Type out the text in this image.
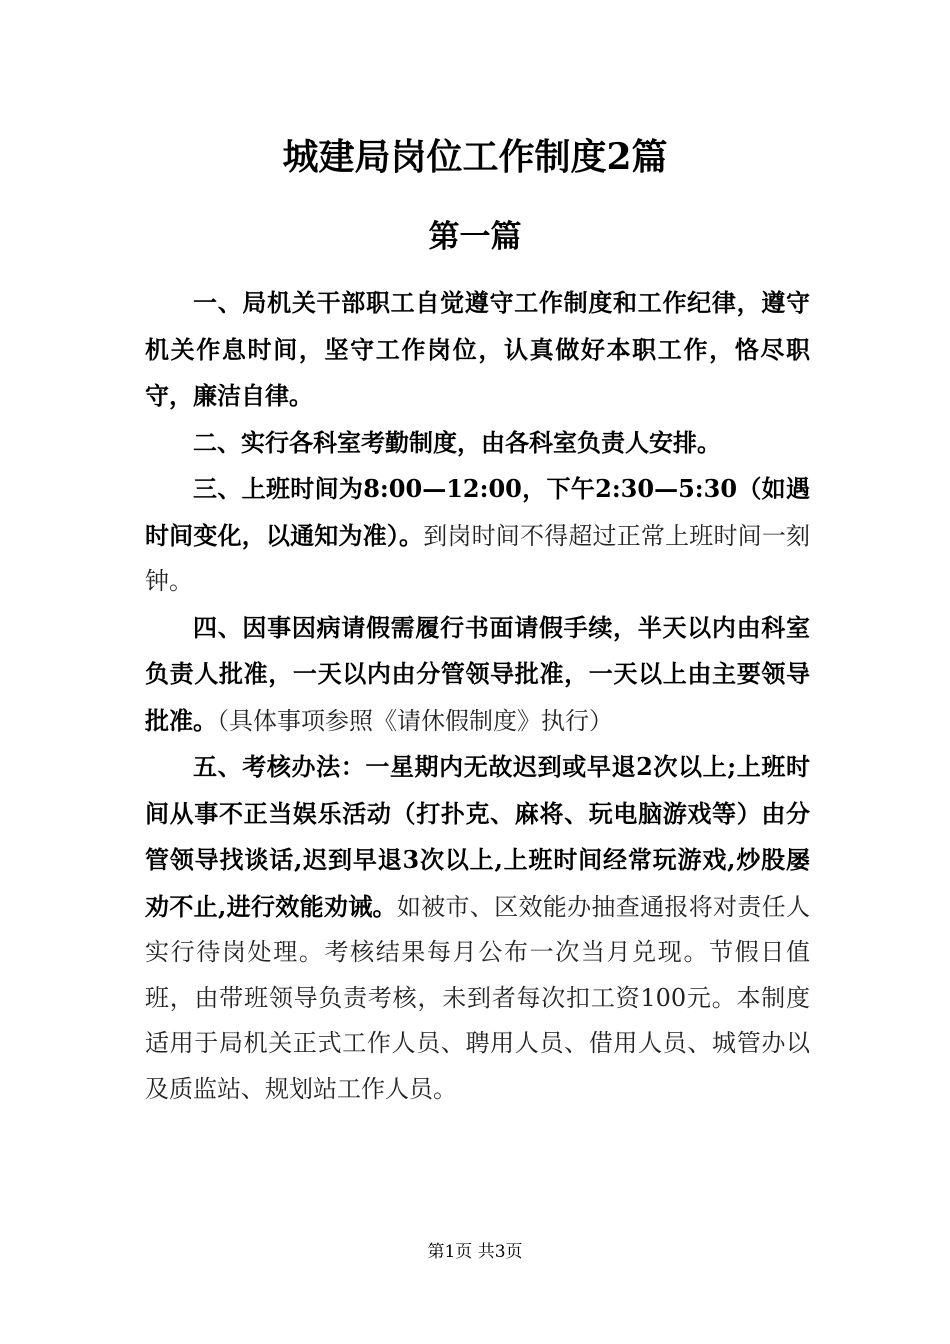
城建局岗位工作制度2篇
第一篇

一、局机关干部职工自觉遵守工作制度和工作纪律，遵守机关作息时间，坚守工作岗位，认真做好本职工作，恪尽职守，廉洁自律。

二、实行各科室考勤制度，由各科室负责人安排。

三、上班时间为8:00—12:00，下午2:30—5:30（如遇时间变化，以通知为准）。到岗时间不得超过正常上班时间一刻钟。

四、因事因病请假需履行书面请假手续，半天以内由科室负责人批准，一天以内由分管领导批准，一天以上由主要领导批准。（具体事项参照《请休假制度》执行）

五、考核办法：一星期内无故迟到或早退2次以上;上班时间从事不正当娱乐活动（打扑克、麻将、玩电脑游戏等）由分管领导找谈话,迟到早退3次以上,上班时间经常玩游戏,炒股屡劝不止,进行效能劝诫。如被市、区效能办抽查通报将对责任人实行待岗处理。考核结果每月公布一次当月兑现。节假日值班，由带班领导负责考核，未到者每次扣工资100元。本制度适用于局机关正式工作人员、聘用人员、借用人员、城管办以及质监站、规划站工作人员。

第1页 共3页
